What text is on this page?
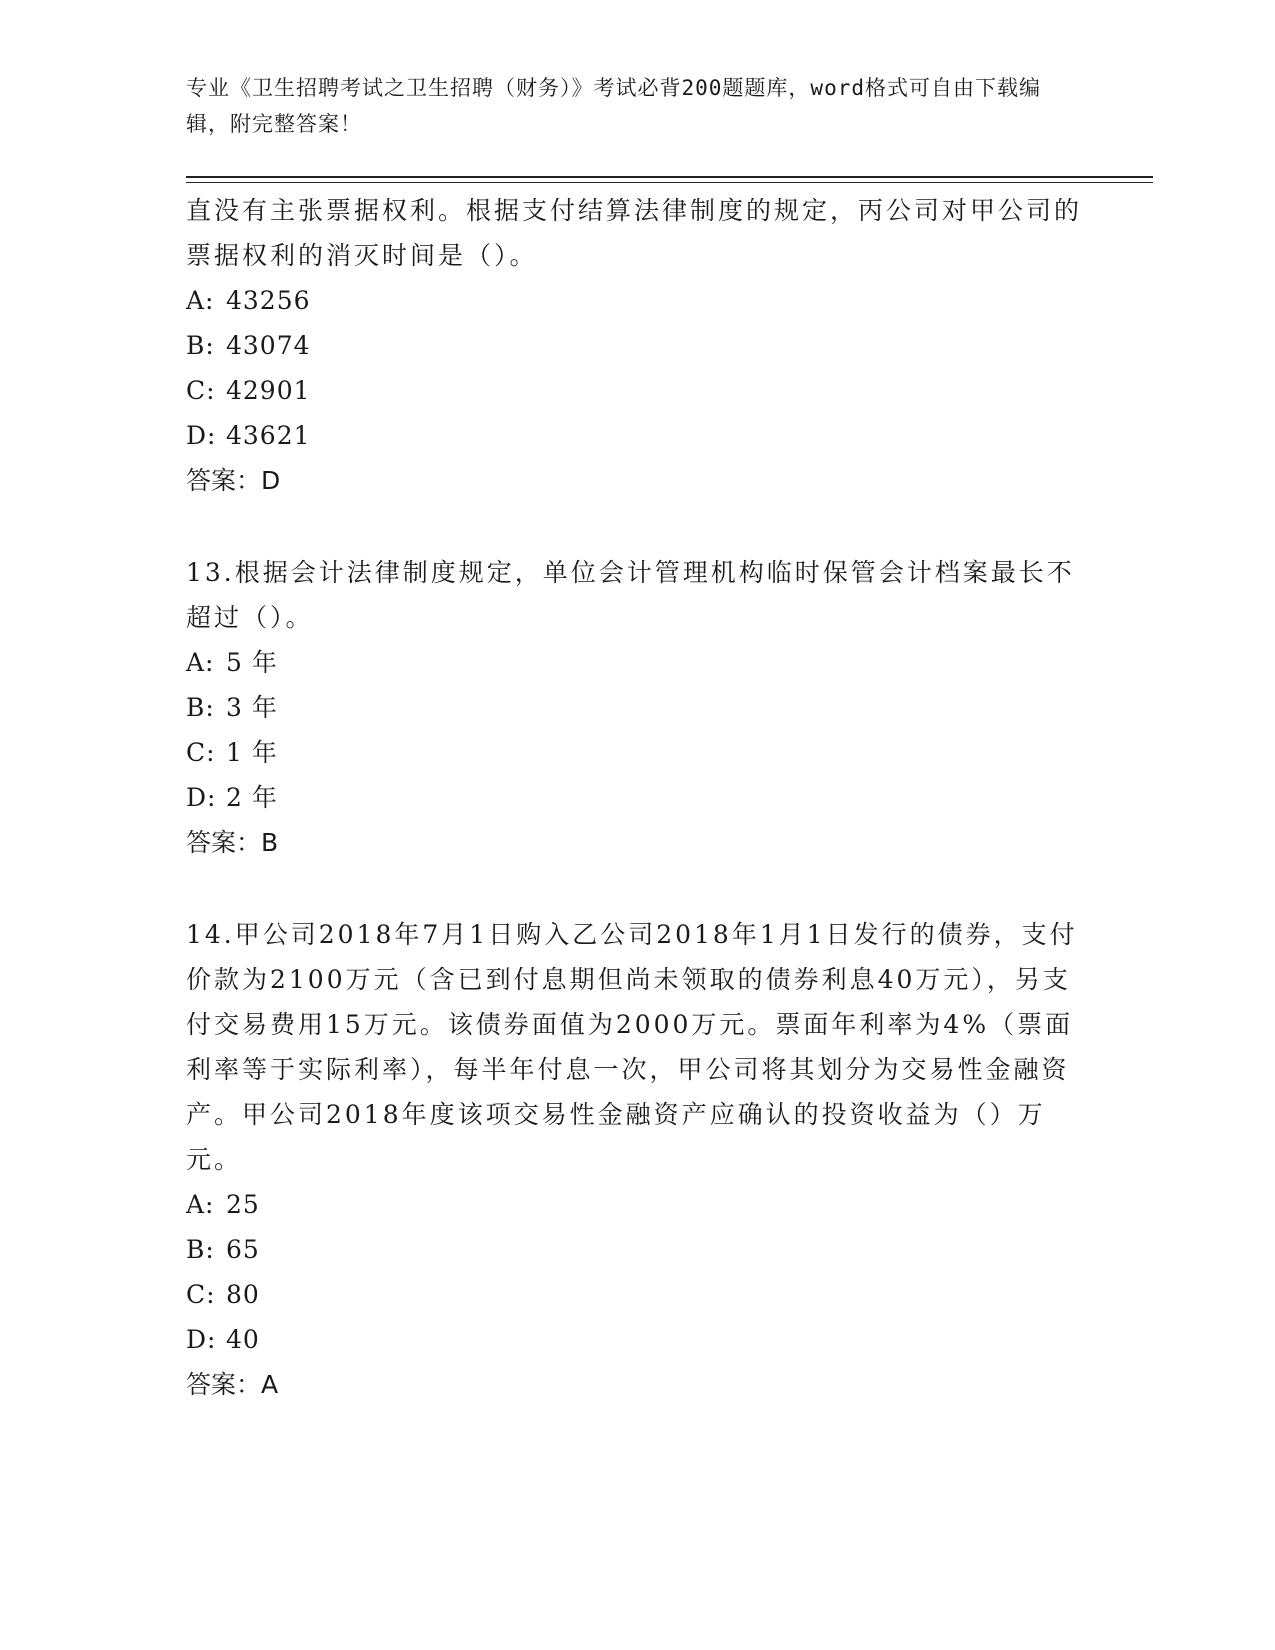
专业《卫生招聘考试之卫生招聘（财务）》考试必背200题题库，word格式可自由下载编辑，附完整答案！
直没有主张票据权利。根据支付结算法律制度的规定，丙公司对甲公司的票据权利的消灭时间是（）。
A: 43256
B: 43074
C: 42901
D: 43621
答案：D
13.根据会计法律制度规定，单位会计管理机构临时保管会计档案最长不超过（）。
A: 5 年
B: 3 年
C: 1 年
D: 2 年
答案：B
14.甲公司2018年7月1日购入乙公司2018年1月1日发行的债券，支付价款为2100万元（含已到付息期但尚未领取的债券利息40万元），另支付交易费用15万元。该债券面值为2000万元。票面年利率为4%（票面利率等于实际利率），每半年付息一次，甲公司将其划分为交易性金融资产。甲公司2018年度该项交易性金融资产应确认的投资收益为（）万元。
A: 25
B: 65
C: 80
D: 40
答案：A
